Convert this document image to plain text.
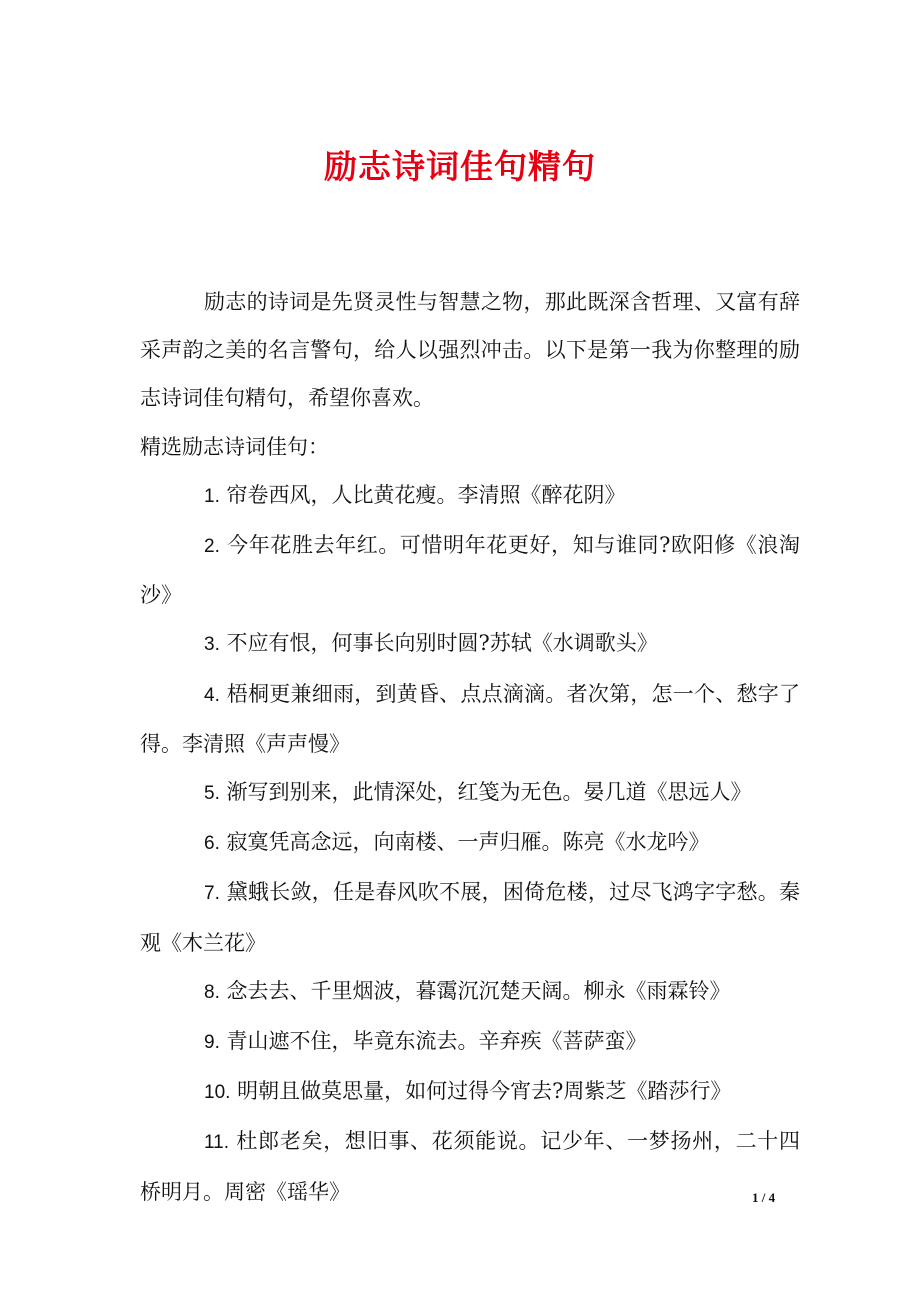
励志诗词佳句精句

励志的诗词是先贤灵性与智慧之物，那此既深含哲理、又富有辞采声韵之美的名言警句，给人以强烈冲击。以下是第一我为你整理的励志诗词佳句精句，希望你喜欢。

精选励志诗词佳句：

1. 帘卷西风，人比黄花瘦。李清照《醉花阴》

2. 今年花胜去年红。可惜明年花更好，知与谁同?欧阳修《浪淘沙》

3. 不应有恨，何事长向别时圆?苏轼《水调歌头》

4. 梧桐更兼细雨，到黄昏、点点滴滴。者次第，怎一个、愁字了得。李清照《声声慢》

5. 渐写到别来，此情深处，红笺为无色。晏几道《思远人》

6. 寂寞凭高念远，向南楼、一声归雁。陈亮《水龙吟》

7. 黛蛾长敛，任是春风吹不展，困倚危楼，过尽飞鸿字字愁。秦观《木兰花》

8. 念去去、千里烟波，暮霭沉沉楚天阔。柳永《雨霖铃》

9. 青山遮不住，毕竟东流去。辛弃疾《菩萨蛮》

10. 明朝且做莫思量，如何过得今宵去?周紫芝《踏莎行》

11. 杜郎老矣，想旧事、花须能说。记少年、一梦扬州，二十四桥明月。周密《瑶华》	1 / 4
